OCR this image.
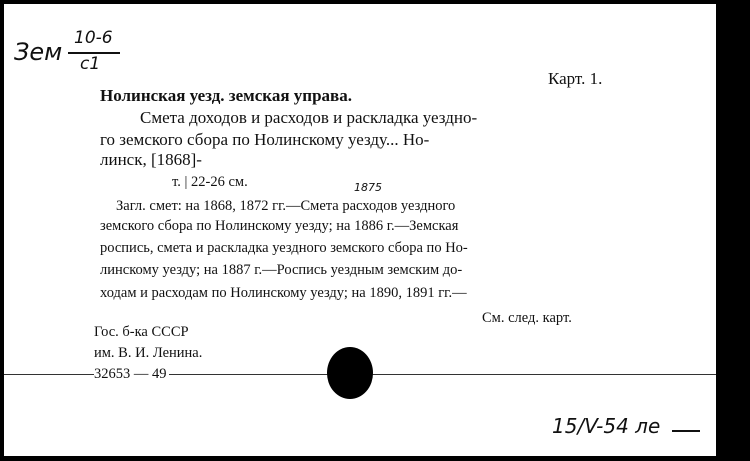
Зем 10-6
c1
Карт. 1.
Нолинская уезд. земская управа.
Смета доходов и расходов и раскладка уездно-
го земского сбора по Нолинскому уезду... Но-
линск, [1868]-
т. | 22-26 см.	1875
Загл. смет: на 1868, 1872 гг.—Смета расходов уездного
земского сбора по Нолинскому уезду; на 1886 г.—Земская
роспись, смета и раскладка уездного земского сбора по Но-
линскому уезду; на 1887 г.—Роспись уездным земским до-
ходам и расходам по Нолинскому уезду; на 1890, 1891 гг.—
См. след. карт.
Гос. б-ка СССР
им. В. И. Ленина.
32653 — 49
15/V-54 ле
